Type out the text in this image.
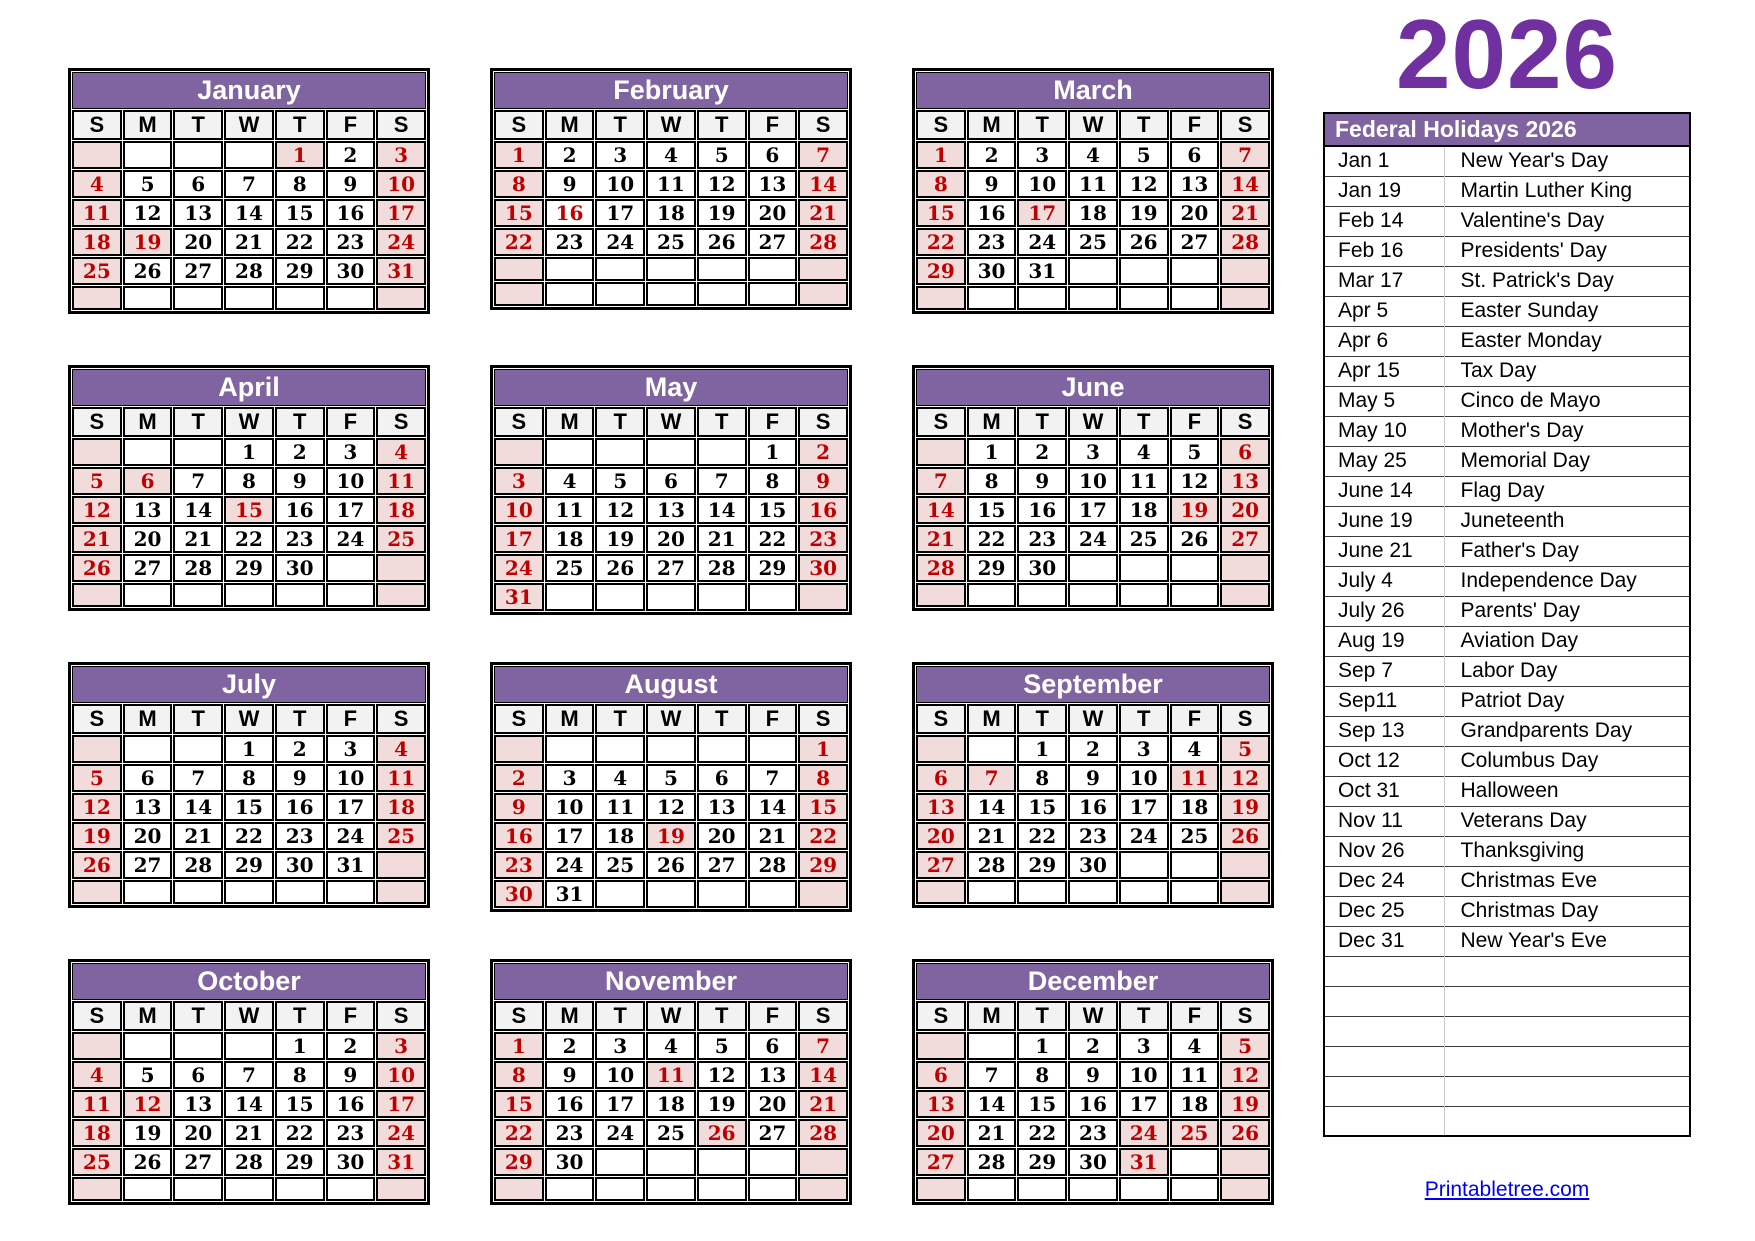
January						
S	M	T	W	T	F	S
				1	2	3
4	5	6	7	8	9	10
11	12	13	14	15	16	17
18	19	20	21	22	23	24
25	26	27	28	29	30	31

February						
S	M	T	W	T	F	S
1	2	3	4	5	6	7
8	9	10	11	12	13	14
15	16	17	18	19	20	21
22	23	24	25	26	27	28

March						
S	M	T	W	T	F	S
1	2	3	4	5	6	7
8	9	10	11	12	13	14
15	16	17	18	19	20	21
22	23	24	25	26	27	28
29	30	31				

April						
S	M	T	W	T	F	S
			1	2	3	4
5	6	7	8	9	10	11
12	13	14	15	16	17	18
21	20	21	22	23	24	25
26	27	28	29	30		

May						
S	M	T	W	T	F	S
					1	2
3	4	5	6	7	8	9
10	11	12	13	14	15	16
17	18	19	20	21	22	23
24	25	26	27	28	29	30
31						
June						
S	M	T	W	T	F	S
	1	2	3	4	5	6
7	8	9	10	11	12	13
14	15	16	17	18	19	20
21	22	23	24	25	26	27
28	29	30				

July						
S	M	T	W	T	F	S
			1	2	3	4
5	6	7	8	9	10	11
12	13	14	15	16	17	18
19	20	21	22	23	24	25
26	27	28	29	30	31	

August						
S	M	T	W	T	F	S
						1
2	3	4	5	6	7	8
9	10	11	12	13	14	15
16	17	18	19	20	21	22
23	24	25	26	27	28	29
30	31					
September						
S	M	T	W	T	F	S
		1	2	3	4	5
6	7	8	9	10	11	12
13	14	15	16	17	18	19
20	21	22	23	24	25	26
27	28	29	30			

October						
S	M	T	W	T	F	S
				1	2	3
4	5	6	7	8	9	10
11	12	13	14	15	16	17
18	19	20	21	22	23	24
25	26	27	28	29	30	31

November						
S	M	T	W	T	F	S
1	2	3	4	5	6	7
8	9	10	11	12	13	14
15	16	17	18	19	20	21
22	23	24	25	26	27	28
29	30					

December						
S	M	T	W	T	F	S
		1	2	3	4	5
6	7	8	9	10	11	12
13	14	15	16	17	18	19
20	21	22	23	24	25	26
27	28	29	30	31		

2026
Federal Holidays 2026	
Jan 1	New Year's Day
Jan 19	Martin Luther King
Feb 14	Valentine's Day
Feb 16	Presidents' Day
Mar 17	St. Patrick's Day
Apr 5	Easter Sunday
Apr 6	Easter Monday
Apr 15	Tax Day
May 5	Cinco de Mayo
May 10	Mother's Day
May 25	Memorial Day
June 14	Flag Day
June 19	Juneteenth
June 21	Father's Day
July 4	Independence Day
July 26	Parents' Day
Aug 19	Aviation Day
Sep 7	Labor Day
Sep11	Patriot Day
Sep 13	Grandparents Day
Oct 12	Columbus Day
Oct 31	Halloween
Nov 11	Veterans Day
Nov 26	Thanksgiving
Dec 24	Christmas Eve
Dec 25	Christmas Day
Dec 31	New Year's Eve

Printabletree.com
